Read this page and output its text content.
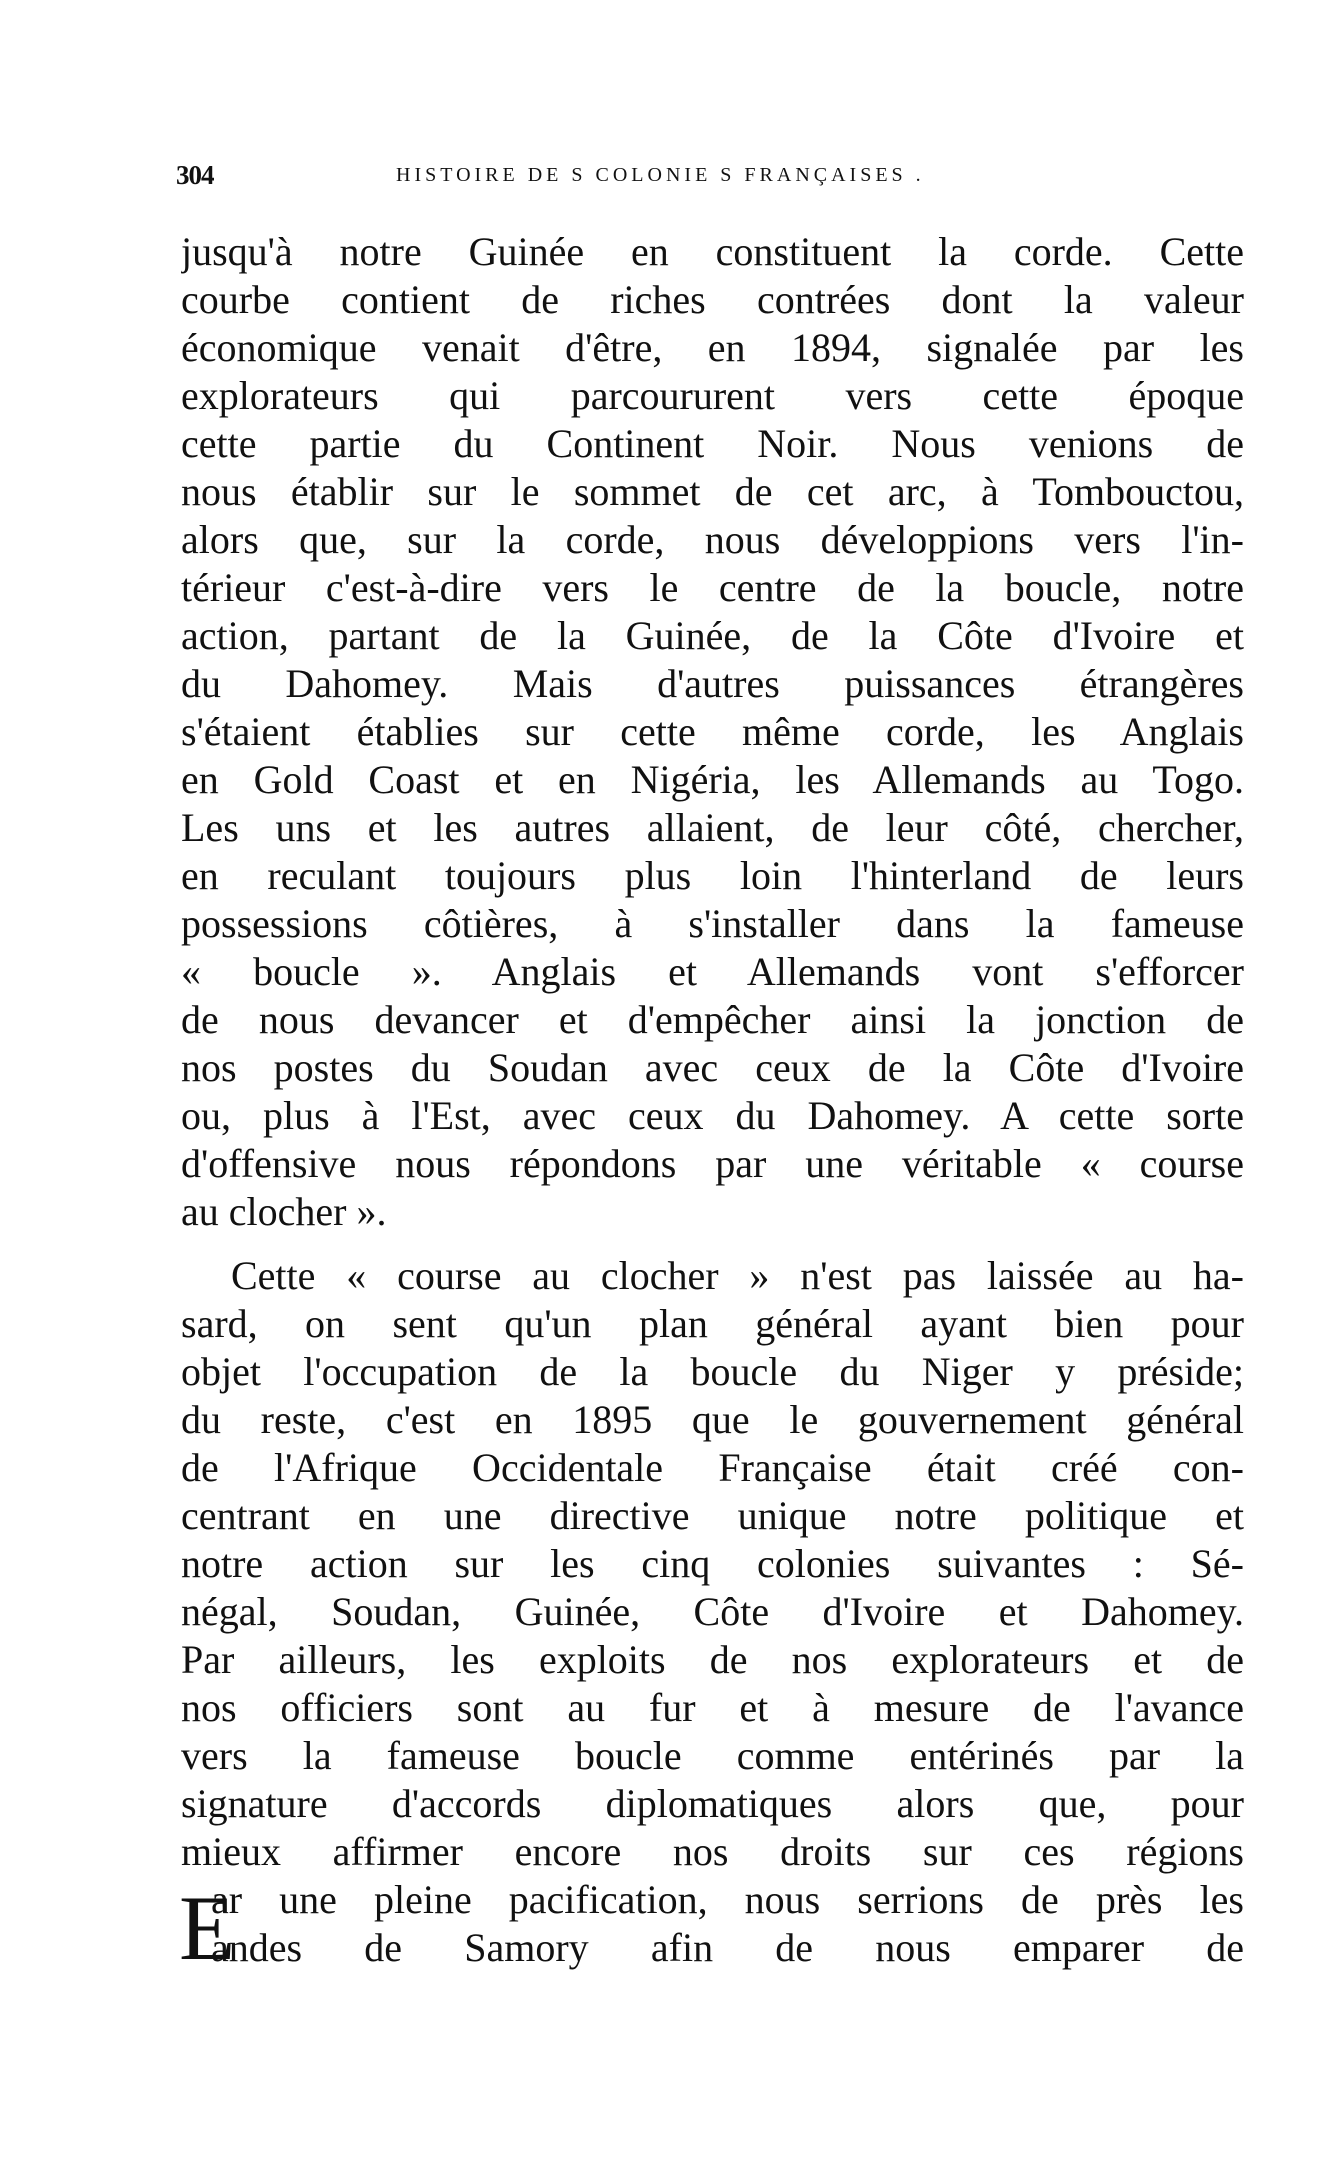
304	HISTOIRE DE S COLONIE S FRANÇAISES .
jusqu'à notre Guinée en constituent la corde. Cette
courbe contient de riches contrées dont la valeur
économique venait d'être, en 1894, signalée par les
explorateurs qui parcoururent vers cette époque
cette partie du Continent Noir. Nous venions de
nous établir sur le sommet de cet arc, à Tombouctou,
alors que, sur la corde, nous développions vers l'in-
térieur c'est-à-dire vers le centre de la boucle, notre
action, partant de la Guinée, de la Côte d'Ivoire et
du Dahomey. Mais d'autres puissances étrangères
s'étaient établies sur cette même corde, les Anglais
en Gold Coast et en Nigéria, les Allemands au Togo.
Les uns et les autres allaient, de leur côté, chercher,
en reculant toujours plus loin l'hinterland de leurs
possessions côtières, à s'installer dans la fameuse
« boucle ». Anglais et Allemands vont s'efforcer
de nous devancer et d'empêcher ainsi la jonction de
nos postes du Soudan avec ceux de la Côte d'Ivoire
ou, plus à l'Est, avec ceux du Dahomey. A cette sorte
d'offensive nous répondons par une véritable « course
au clocher ».
Cette « course au clocher » n'est pas laissée au ha-
sard, on sent qu'un plan général ayant bien pour
objet l'occupation de la boucle du Niger y préside;
du reste, c'est en 1895 que le gouvernement général
de l'Afrique Occidentale Française était créé con-
centrant en une directive unique notre politique et
notre action sur les cinq colonies suivantes : Sé-
négal, Soudan, Guinée, Côte d'Ivoire et Dahomey.
Par ailleurs, les exploits de nos explorateurs et de
nos officiers sont au fur et à mesure de l'avance
vers la fameuse boucle comme entérinés par la
signature d'accords diplomatiques alors que, pour
mieux affirmer encore nos droits sur ces régions
E
ar une pleine pacification, nous serrions de près les
andes de Samory afin de nous emparer de
